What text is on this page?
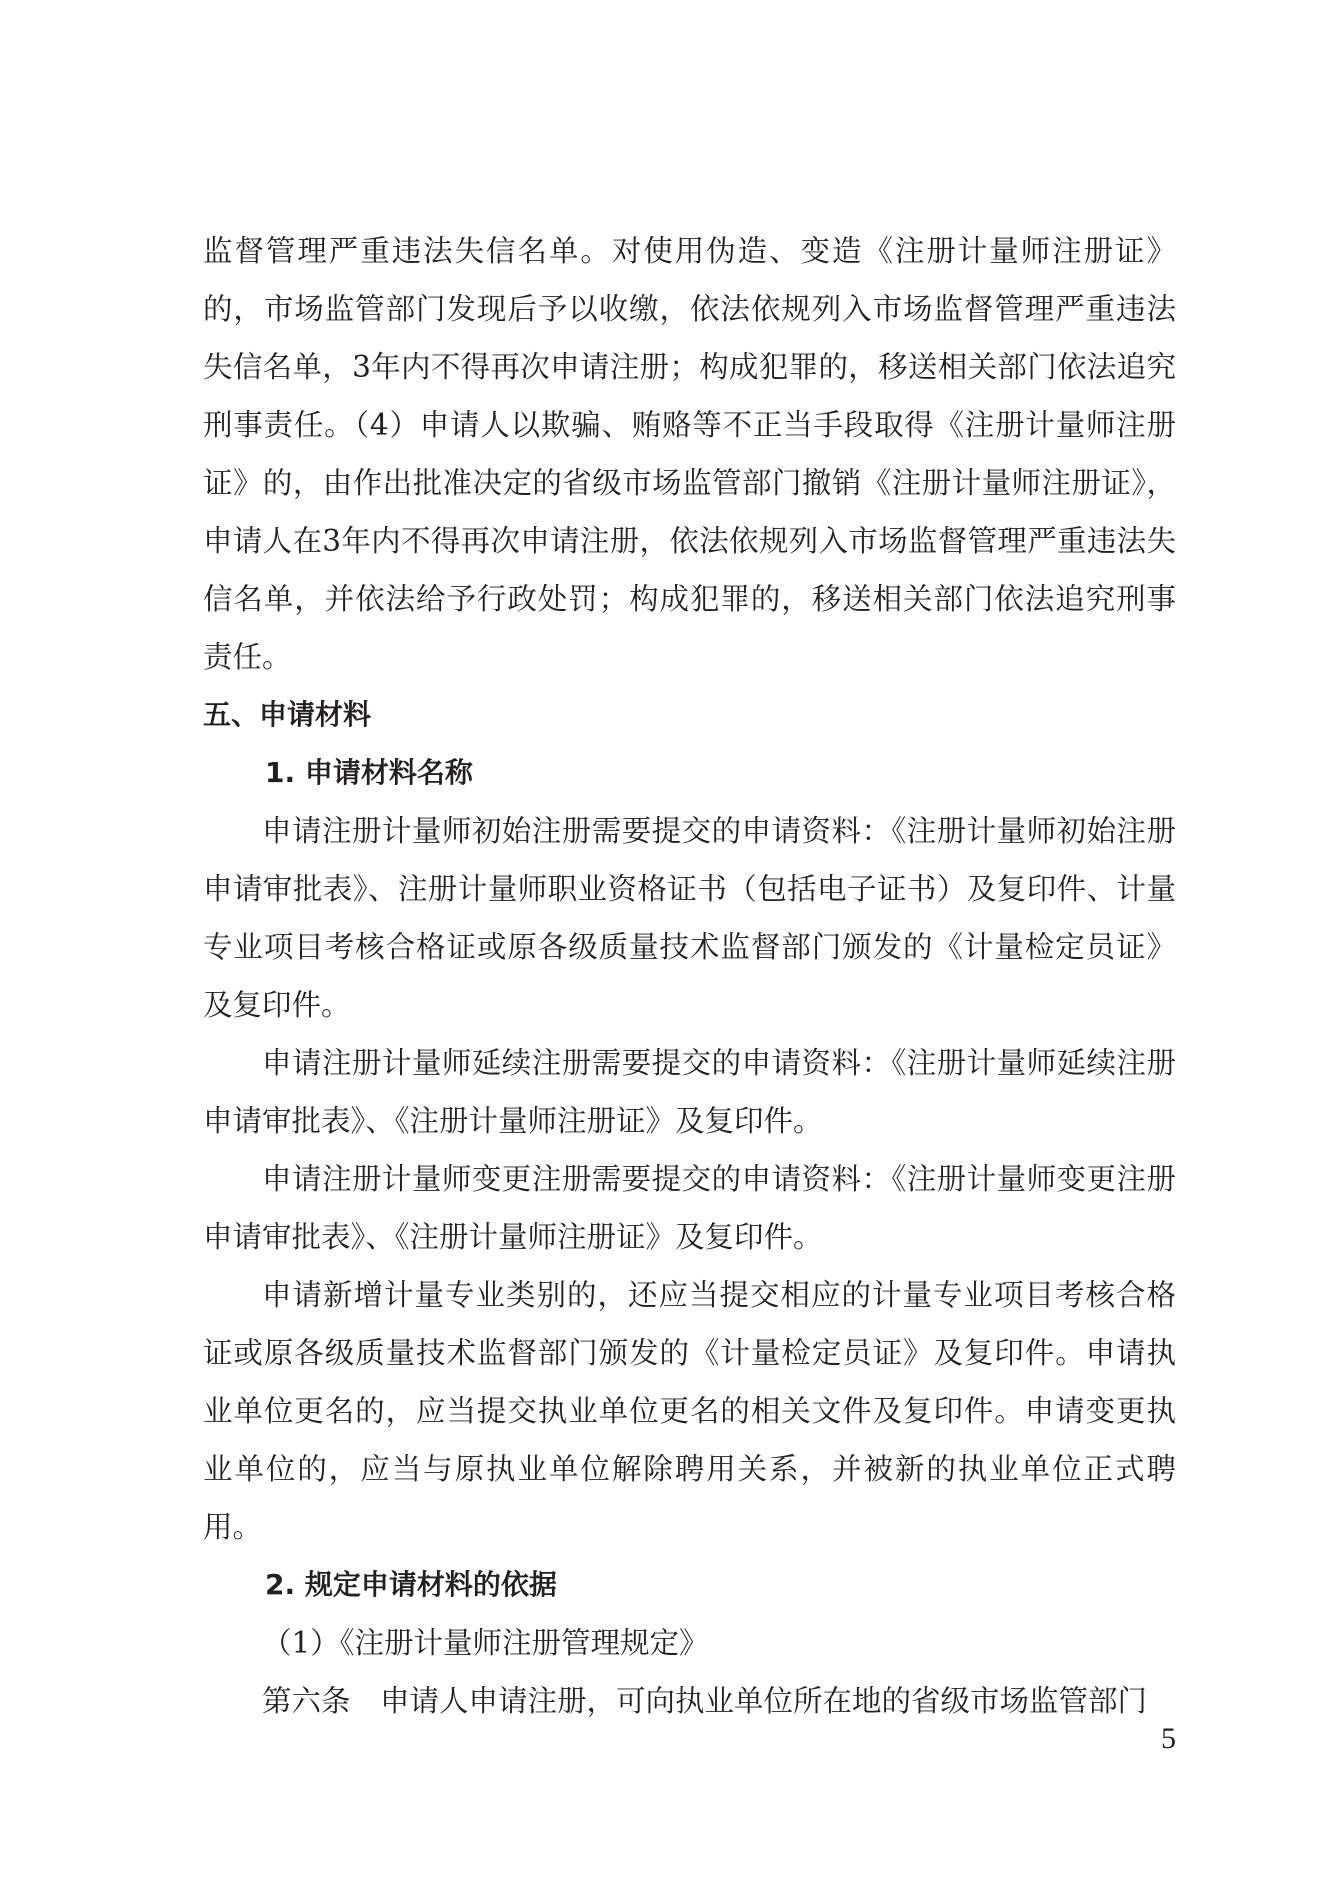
监督管理严重违法失信名单。对使用伪造、变造《注册计量师注册证》的，市场监管部门发现后予以收缴，依法依规列入市场监督管理严重违法失信名单，3年内不得再次申请注册；构成犯罪的，移送相关部门依法追究刑事责任。（4）申请人以欺骗、贿赂等不正当手段取得《注册计量师注册证》的，由作出批准决定的省级市场监管部门撤销《注册计量师注册证》，申请人在3年内不得再次申请注册，依法依规列入市场监督管理严重违法失信名单，并依法给予行政处罚；构成犯罪的，移送相关部门依法追究刑事责任。

五、申请材料

1. 申请材料名称

申请注册计量师初始注册需要提交的申请资料：《注册计量师初始注册申请审批表》、注册计量师职业资格证书（包括电子证书）及复印件、计量专业项目考核合格证或原各级质量技术监督部门颁发的《计量检定员证》及复印件。

申请注册计量师延续注册需要提交的申请资料：《注册计量师延续注册申请审批表》、《注册计量师注册证》及复印件。

申请注册计量师变更注册需要提交的申请资料：《注册计量师变更注册申请审批表》、《注册计量师注册证》及复印件。

申请新增计量专业类别的，还应当提交相应的计量专业项目考核合格证或原各级质量技术监督部门颁发的《计量检定员证》及复印件。申请执业单位更名的，应当提交执业单位更名的相关文件及复印件。申请变更执业单位的，应当与原执业单位解除聘用关系，并被新的执业单位正式聘用。

2. 规定申请材料的依据

（1）《注册计量师注册管理规定》

第六条　申请人申请注册，可向执业单位所在地的省级市场监管部门

5
